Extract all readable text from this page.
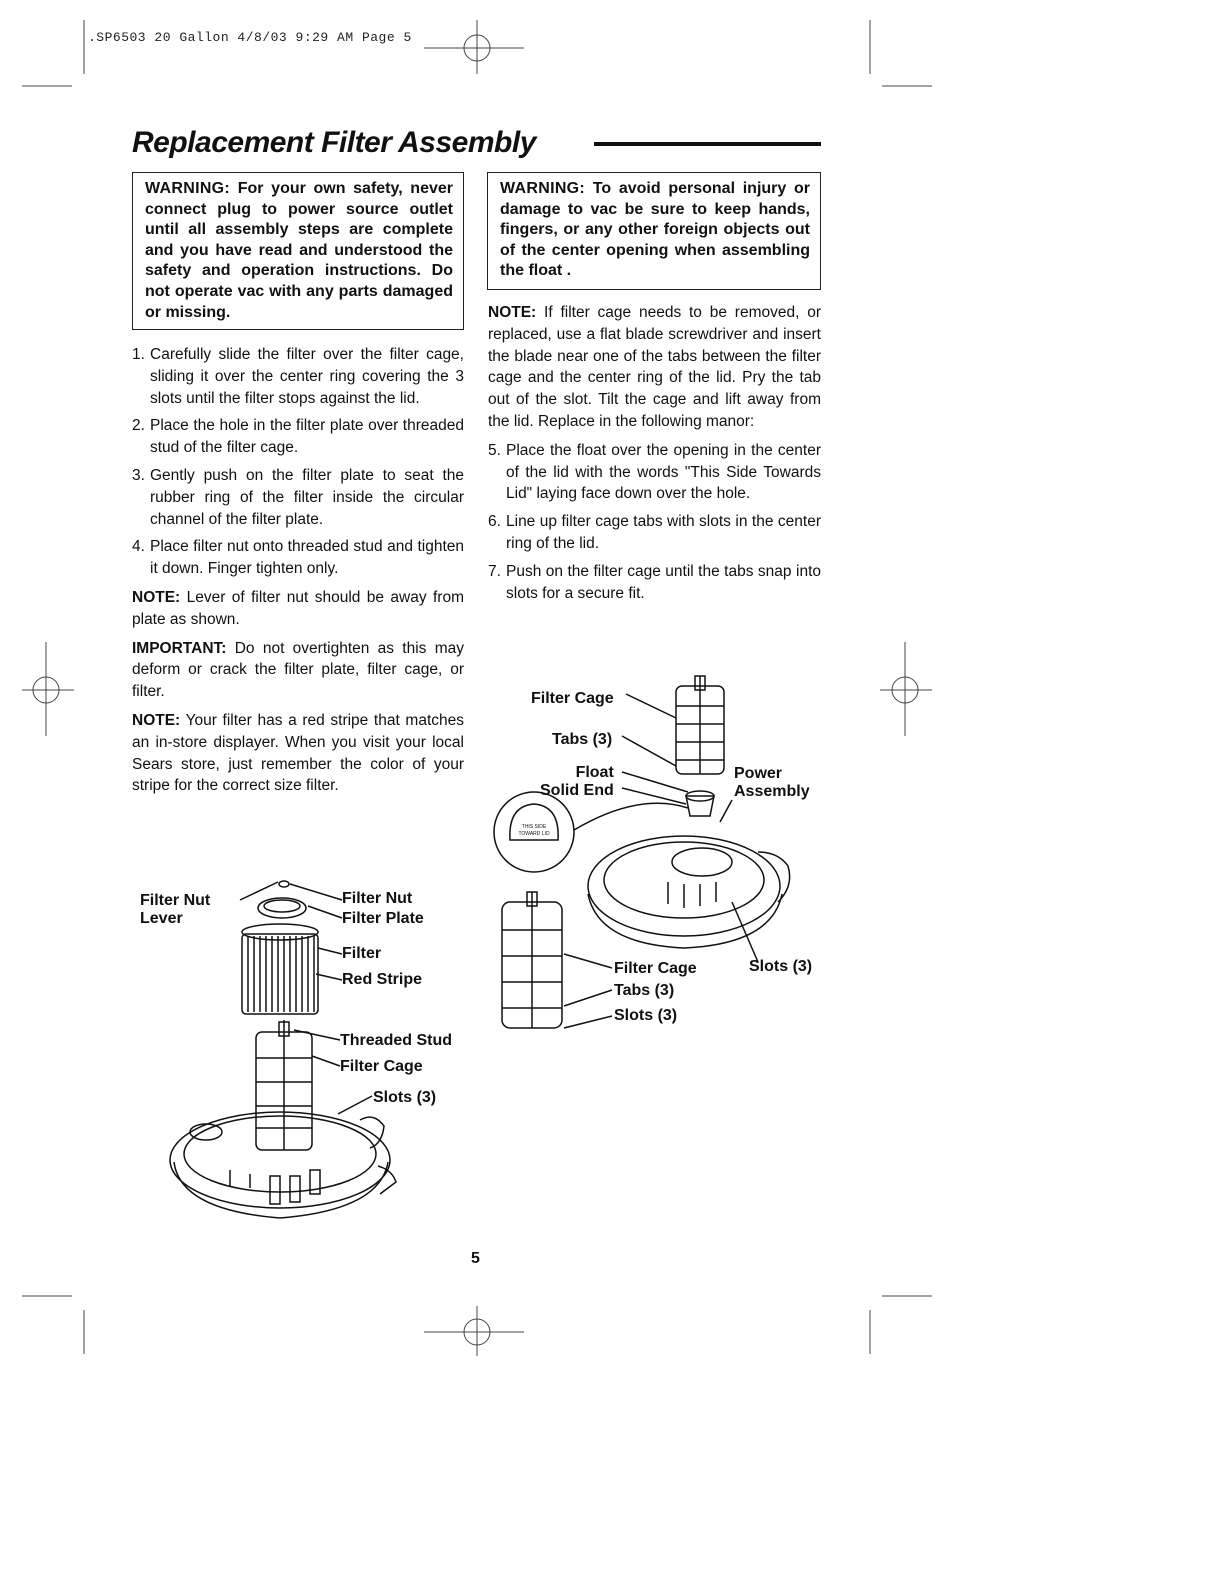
.SP6503 20 Gallon 4/8/03 9:29 AM Page 5
Replacement Filter Assembly
WARNING: For your own safety, never connect plug to power source outlet until all assembly steps are complete and you have read and understood the safety and operation instructions. Do not operate vac with any parts damaged or missing.
WARNING: To avoid personal injury or damage to vac be sure to keep hands, fingers, or any other foreign objects out of the center opening when assembling the float .
1. Carefully slide the filter over the filter cage, sliding it over the center ring covering the 3 slots until the filter stops against the lid.
2. Place the hole in the filter plate over threaded stud of the filter cage.
3. Gently push on the filter plate to seat the rubber ring of the filter inside the circular channel of the filter plate.
4. Place filter nut onto threaded stud and tighten it down. Finger tighten only.

NOTE: Lever of filter nut should be away from plate as shown.

IMPORTANT: Do not overtighten as this may deform or crack the filter plate, filter cage, or filter.

NOTE: Your filter has a red stripe that matches an in-store displayer. When you visit your local Sears store, just remember the color of your stripe for the correct size filter.

NOTE: If filter cage needs to be removed, or replaced, use a flat blade screwdriver and insert the blade near one of the tabs between the filter cage and the center ring of the lid. Pry the tab out of the slot. Tilt the cage and lift away from the lid. Replace in the following manor:

5. Place the float over the opening in the center of the lid with the words "This Side Towards Lid" laying face down over the hole.
6. Line up filter cage tabs with slots in the center ring of the lid.
7. Push on the filter cage until the tabs snap into slots for a secure fit.
Filter Nut
Lever
Filter Nut
Filter Plate
Filter
Red Stripe
Threaded Stud
Filter Cage
Slots (3)
THIS SIDE
TOWARD LID
Filter Cage
Tabs (3)
Float
Solid End
Power
Assembly
Filter Cage	Slots (3)
Tabs (3)
Slots (3)
5
